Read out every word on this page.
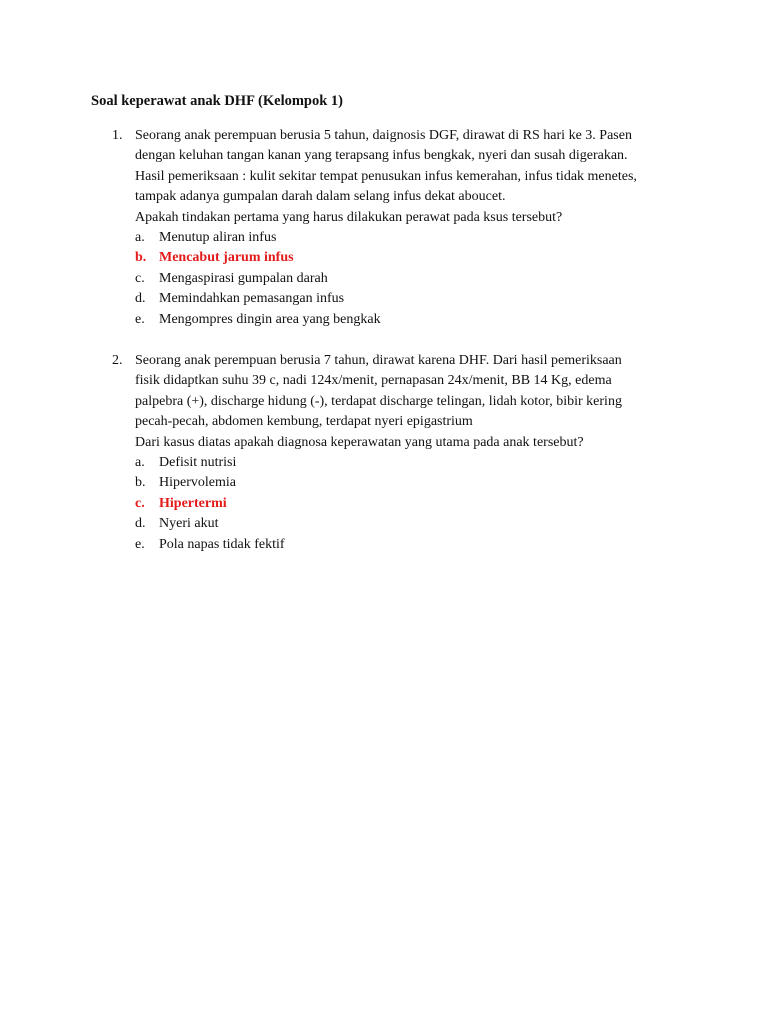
Soal keperawat anak DHF (Kelompok 1)
1. Seorang anak perempuan berusia 5 tahun, daignosis DGF, dirawat di RS hari ke 3. Pasen

dengan keluhan tangan kanan yang terapsang infus bengkak, nyeri dan susah digerakan.

Hasil pemeriksaan : kulit sekitar tempat penusukan infus kemerahan, infus tidak menetes,

tampak adanya gumpalan darah dalam selang infus dekat aboucet.

Apakah tindakan pertama yang harus dilakukan perawat pada ksus tersebut?

a. Menutup aliran infus
b. Mencabut jarum infus
c. Mengaspirasi gumpalan darah
d. Memindahkan pemasangan infus
e. Mengompres dingin area yang bengkak
2. Seorang anak perempuan berusia 7 tahun, dirawat karena DHF. Dari hasil pemeriksaan

fisik didaptkan suhu 39 c, nadi 124x/menit, pernapasan 24x/menit, BB 14 Kg, edema

palpebra (+), discharge hidung (-), terdapat discharge telingan, lidah kotor, bibir kering

pecah-pecah, abdomen kembung, terdapat nyeri epigastrium

Dari kasus diatas apakah diagnosa keperawatan yang utama pada anak tersebut?

a. Defisit nutrisi
b. Hipervolemia
c. Hipertermi
d. Nyeri akut
e. Pola napas tidak fektif
